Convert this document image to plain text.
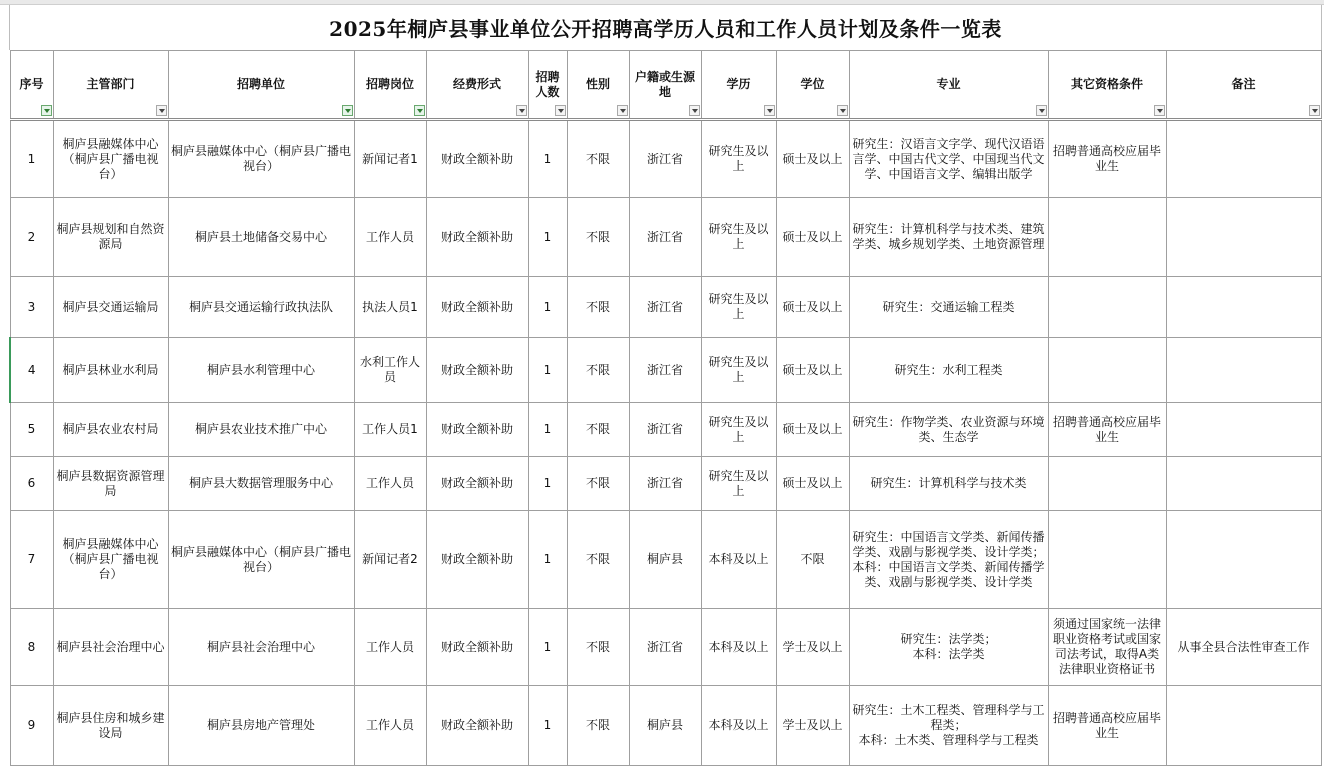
2025年桐庐县事业单位公开招聘高学历人员和工作人员计划及条件一览表
序号	主管部门	招聘单位	招聘岗位	经费形式	招聘人数	性别	户籍或生源地	学历	学位	专业	其它资格条件	备注

1	桐庐县融媒体中心（桐庐县广播电视台）	桐庐县融媒体中心（桐庐县广播电视台）	新闻记者1	财政全额补助	1	不限	浙江省	研究生及以上	硕士及以上	研究生：汉语言文字学、现代汉语语言学、中国古代文学、中国现当代文学、中国语言文学、编辑出版学	招聘普通高校应届毕业生	
2	桐庐县规划和自然资源局	桐庐县土地储备交易中心	工作人员	财政全额补助	1	不限	浙江省	研究生及以上	硕士及以上	研究生：计算机科学与技术类、建筑学类、城乡规划学类、土地资源管理		
3	桐庐县交通运输局	桐庐县交通运输行政执法队	执法人员1	财政全额补助	1	不限	浙江省	研究生及以上	硕士及以上	研究生：交通运输工程类		
4	桐庐县林业水利局	桐庐县水利管理中心	水利工作人员	财政全额补助	1	不限	浙江省	研究生及以上	硕士及以上	研究生：水利工程类		
5	桐庐县农业农村局	桐庐县农业技术推广中心	工作人员1	财政全额补助	1	不限	浙江省	研究生及以上	硕士及以上	研究生：作物学类、农业资源与环境类、生态学	招聘普通高校应届毕业生	
6	桐庐县数据资源管理局	桐庐县大数据管理服务中心	工作人员	财政全额补助	1	不限	浙江省	研究生及以上	硕士及以上	研究生：计算机科学与技术类		
7	桐庐县融媒体中心（桐庐县广播电视台）	桐庐县融媒体中心（桐庐县广播电视台）	新闻记者2	财政全额补助	1	不限	桐庐县	本科及以上	不限	研究生：中国语言文学类、新闻传播学类、戏剧与影视学类、设计学类；
本科：中国语言文学类、新闻传播学类、戏剧与影视学类、设计学类		
8	桐庐县社会治理中心	桐庐县社会治理中心	工作人员	财政全额补助	1	不限	浙江省	本科及以上	学士及以上	研究生：法学类；
本科：法学类	须通过国家统一法律职业资格考试或国家司法考试，取得A类法律职业资格证书	从事全县合法性审查工作
9	桐庐县住房和城乡建设局	桐庐县房地产管理处	工作人员	财政全额补助	1	不限	桐庐县	本科及以上	学士及以上	研究生：土木工程类、管理科学与工程类；
本科：土木类、管理科学与工程类	招聘普通高校应届毕业生	
